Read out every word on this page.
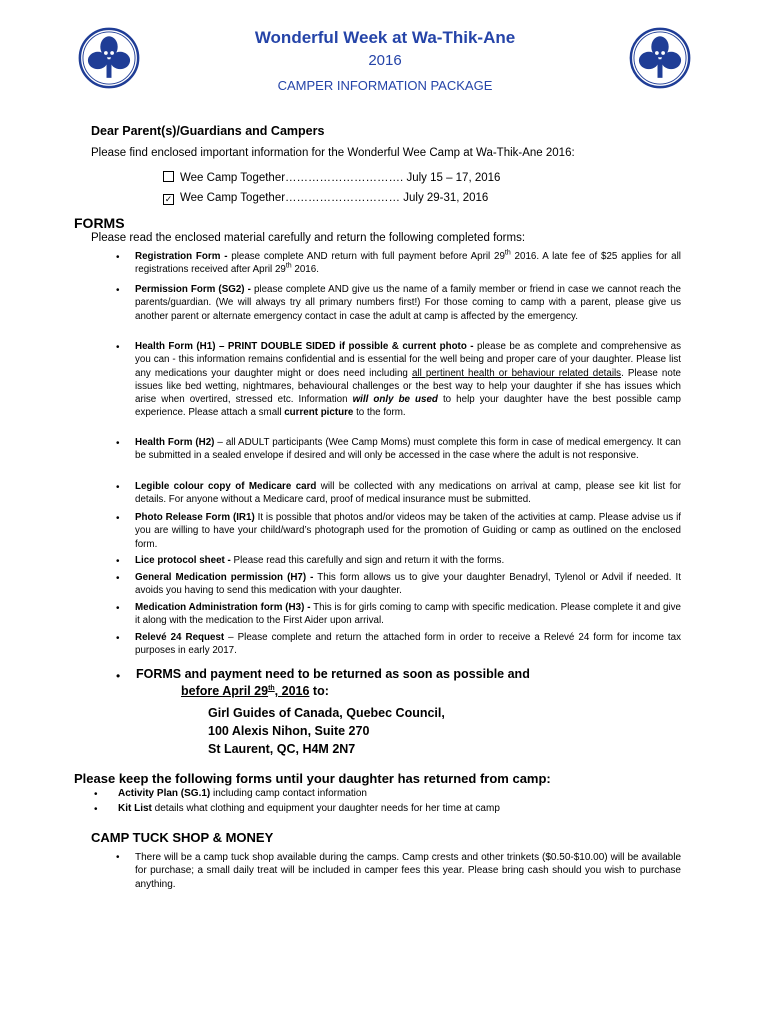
Wonderful Week at Wa-Thik-Ane
2016
CAMPER INFORMATION PACKAGE
Dear Parent(s)/Guardians and Campers
Please find enclosed important information for the Wonderful Wee Camp at Wa-Thik-Ane 2016:
Wee Camp Together…………………………. July 15 – 17, 2016
✓ Wee Camp Together………………………… July 29-31, 2016
FORMS
Please read the enclosed material carefully and return the following completed forms:
• Registration Form - please complete AND return with full payment before April 29th 2016. A late fee of $25 applies for all registrations received after April 29th 2016.
• Permission Form (SG2) - please complete AND give us the name of a family member or friend in case we cannot reach the parents/guardian. (We will always try all primary numbers first!) For those coming to camp with a parent, please give us another parent or alternate emergency contact in case the adult at camp is affected by the emergency.
• Health Form (H1) – PRINT DOUBLE SIDED if possible & current photo - please be as complete and comprehensive as you can - this information remains confidential and is essential for the well being and proper care of your daughter. Please list any medications your daughter might or does need including all pertinent health or behaviour related details. Please note issues like bed wetting, nightmares, behavioural challenges or the best way to help your daughter if she has issues which arise when overtired, stressed etc. Information will only be used to help your daughter have the best possible camp experience. Please attach a small current picture to the form.
• Health Form (H2) – all ADULT participants (Wee Camp Moms) must complete this form in case of medical emergency. It can be submitted in a sealed envelope if desired and will only be accessed in the case where the adult is not responsive.
• Legible colour copy of Medicare card will be collected with any medications on arrival at camp, please see kit list for details. For anyone without a Medicare card, proof of medical insurance must be submitted.
• Photo Release Form (IR1) It is possible that photos and/or videos may be taken of the activities at camp. Please advise us if you are willing to have your child/ward’s photograph used for the promotion of Guiding or camp as outlined on the enclosed form.
• Lice protocol sheet - Please read this carefully and sign and return it with the forms.
• General Medication permission (H7) - This form allows us to give your daughter Benadryl, Tylenol or Advil if needed. It avoids you having to send this medication with your daughter.
• Medication Administration form (H3) - This is for girls coming to camp with specific medication. Please complete it and give it along with the medication to the First Aider upon arrival.
• Relevé 24 Request – Please complete and return the attached form in order to receive a Relevé 24 form for income tax purposes in early 2017.
• FORMS and payment need to be returned as soon as possible and
before April 29th, 2016 to:
Girl Guides of Canada, Quebec Council,
100 Alexis Nihon, Suite 270
St Laurent, QC, H4M 2N7
Please keep the following forms until your daughter has returned from camp:
• Activity Plan (SG.1) including camp contact information
• Kit List details what clothing and equipment your daughter needs for her time at camp
CAMP TUCK SHOP & MONEY
• There will be a camp tuck shop available during the camps. Camp crests and other trinkets ($0.50-$10.00) will be available for purchase; a small daily treat will be included in camper fees this year. Please bring cash should you wish to purchase anything.
